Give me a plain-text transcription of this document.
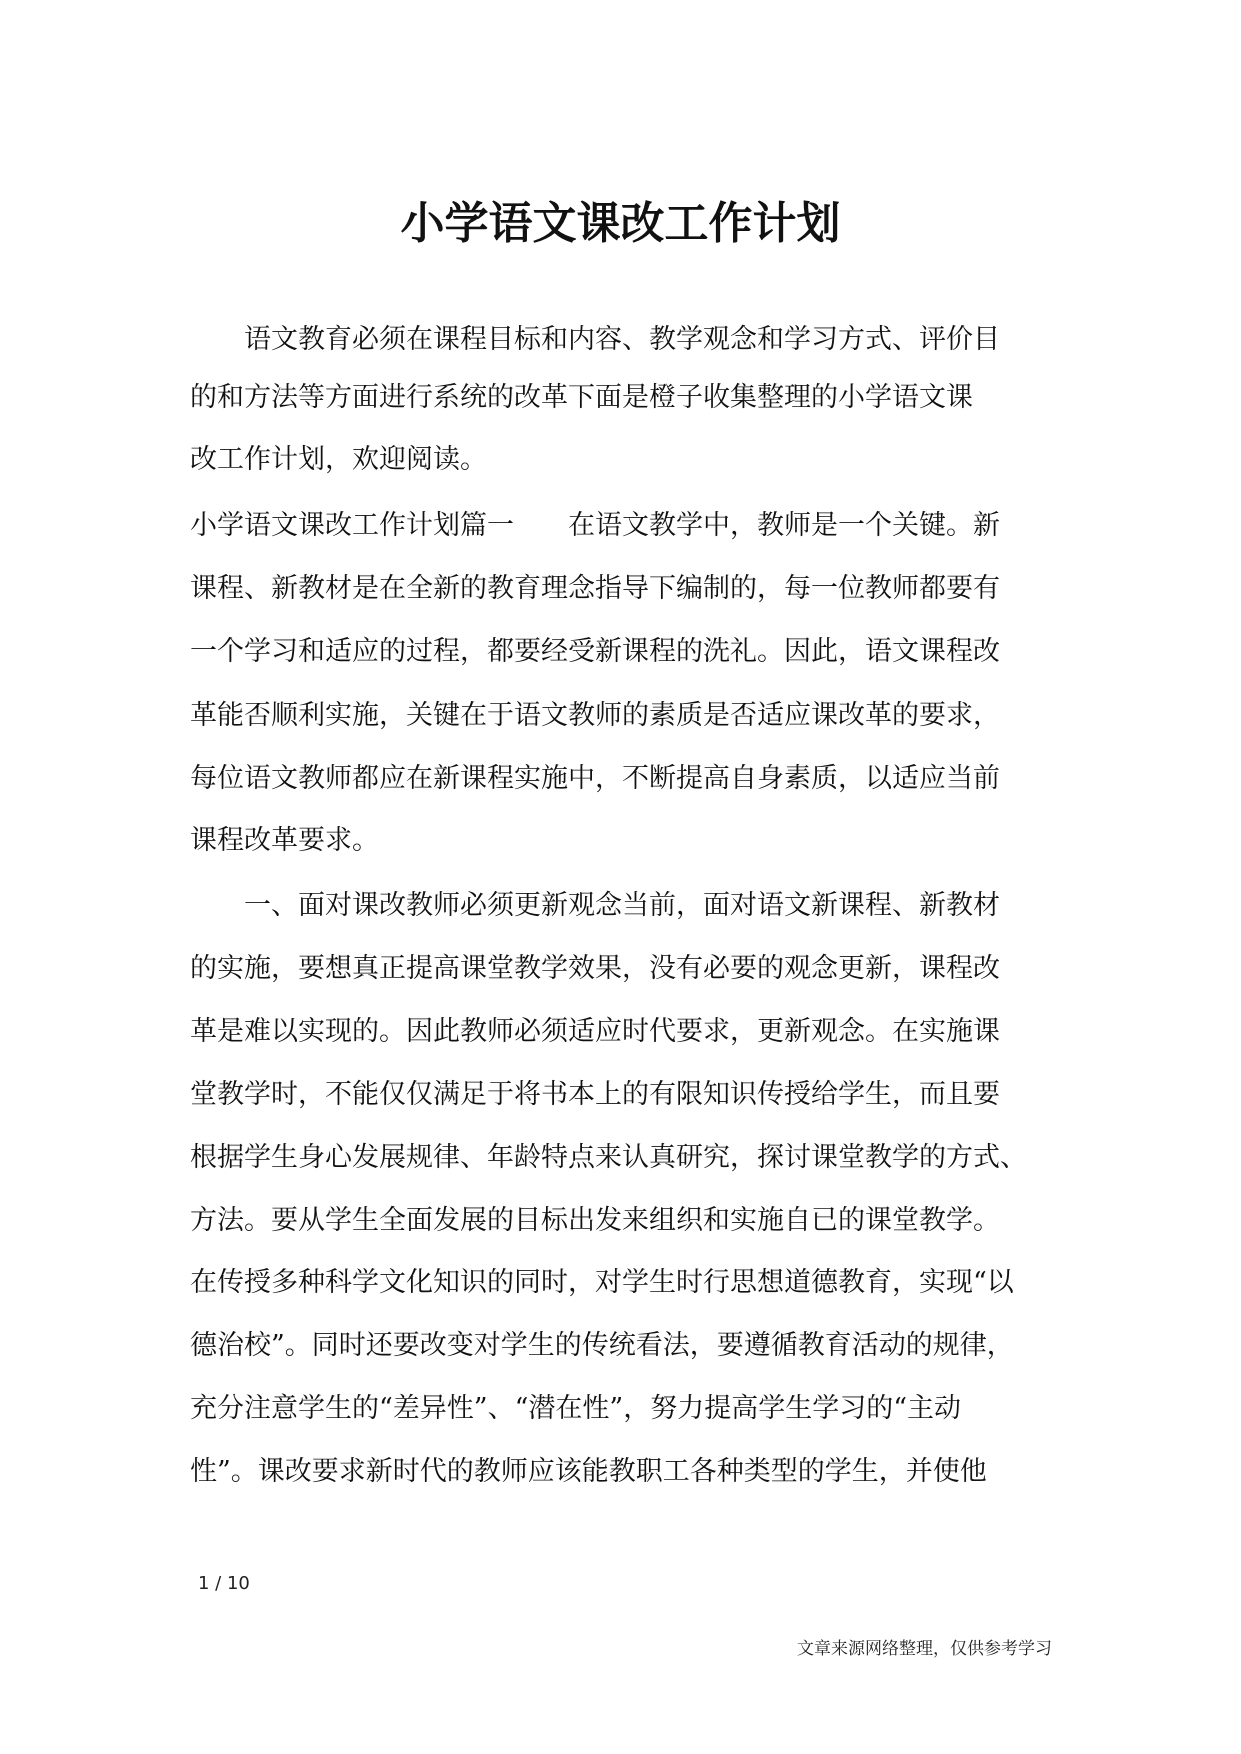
小学语文课改工作计划

　　语文教育必须在课程目标和内容、教学观念和学习方式、评价目

的和方法等方面进行系统的改革下面是橙子收集整理的小学语文课

改工作计划，欢迎阅读。

小学语文课改工作计划篇一　　在语文教学中，教师是一个关键。新

课程、新教材是在全新的教育理念指导下编制的，每一位教师都要有

一个学习和适应的过程，都要经受新课程的洗礼。因此，语文课程改

革能否顺利实施，关键在于语文教师的素质是否适应课改革的要求，

每位语文教师都应在新课程实施中，不断提高自身素质，以适应当前

课程改革要求。

　　一、面对课改教师必须更新观念当前，面对语文新课程、新教材

的实施，要想真正提高课堂教学效果，没有必要的观念更新，课程改

革是难以实现的。因此教师必须适应时代要求，更新观念。在实施课

堂教学时，不能仅仅满足于将书本上的有限知识传授给学生，而且要

根据学生身心发展规律、年龄特点来认真研究，探讨课堂教学的方式、

方法。要从学生全面发展的目标出发来组织和实施自已的课堂教学。

在传授多种科学文化知识的同时，对学生时行思想道德教育，实现“以

德治校”。同时还要改变对学生的传统看法，要遵循教育活动的规律，

充分注意学生的“差异性”、“潜在性”，努力提高学生学习的“主动

性”。课改要求新时代的教师应该能教职工各种类型的学生，并使他

1 / 10

文章来源网络整理，仅供参考学习
